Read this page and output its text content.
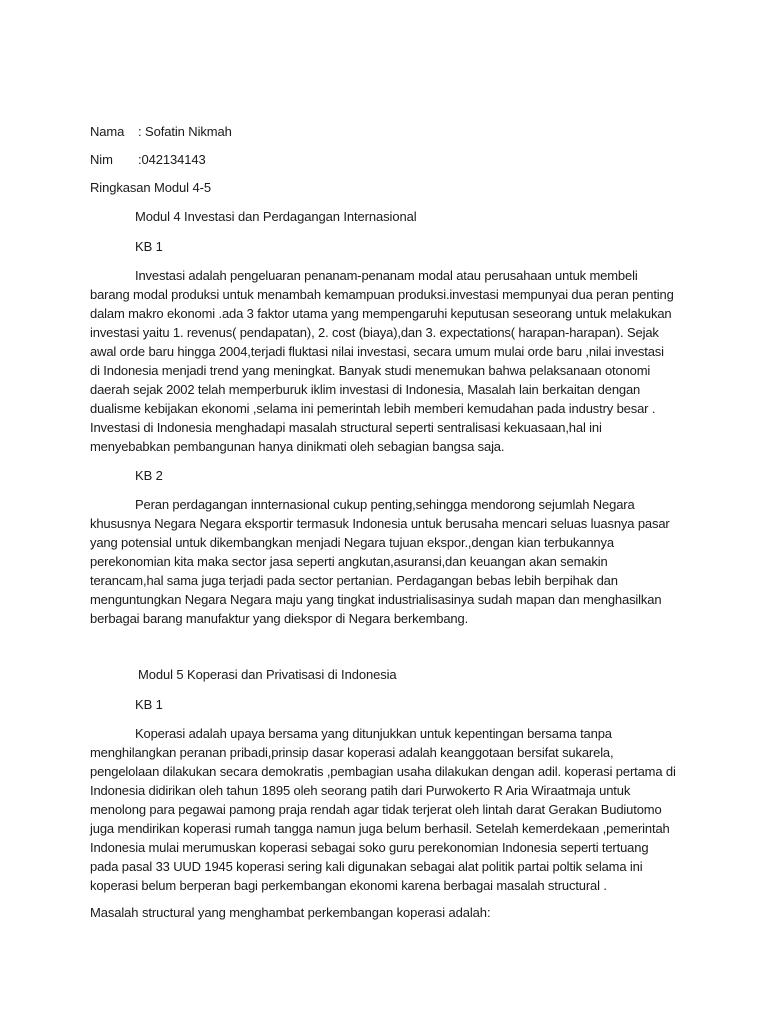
Nama : Sofatin Nikmah
Nim :042134143
Ringkasan Modul 4-5
Modul 4 Investasi dan Perdagangan Internasional
KB 1
Investasi adalah pengeluaran penanam-penanam modal atau perusahaan untuk membeli
barang modal produksi untuk menambah kemampuan produksi.investasi mempunyai dua peran penting
dalam makro ekonomi .ada 3 faktor utama yang mempengaruhi keputusan seseorang untuk melakukan
investasi yaitu 1. revenus( pendapatan), 2. cost (biaya),dan 3. expectations( harapan-harapan). Sejak
awal orde baru hingga 2004,terjadi fluktasi nilai investasi, secara umum mulai orde baru ,nilai investasi
di Indonesia menjadi trend yang meningkat. Banyak studi menemukan bahwa pelaksanaan otonomi
daerah sejak 2002 telah memperburuk iklim investasi di Indonesia, Masalah lain berkaitan dengan
dualisme kebijakan ekonomi ,selama ini pemerintah lebih memberi kemudahan pada industry besar .
Investasi di Indonesia menghadapi masalah structural seperti sentralisasi kekuasaan,hal ini
menyebabkan pembangunan hanya dinikmati oleh sebagian bangsa saja.
KB 2
Peran perdagangan innternasional cukup penting,sehingga mendorong sejumlah Negara
khususnya Negara Negara eksportir termasuk Indonesia untuk berusaha mencari seluas luasnya pasar
yang potensial untuk dikembangkan menjadi Negara tujuan ekspor.,dengan kian terbukannya
perekonomian kita maka sector jasa seperti angkutan,asuransi,dan keuangan akan semakin
terancam,hal sama juga terjadi pada sector pertanian. Perdagangan bebas lebih berpihak dan
menguntungkan Negara Negara maju yang tingkat industrialisasinya sudah mapan dan menghasilkan
berbagai barang manufaktur yang diekspor di Negara berkembang.
Modul 5 Koperasi dan Privatisasi di Indonesia
KB 1
Koperasi adalah upaya bersama yang ditunjukkan untuk kepentingan bersama tanpa
menghilangkan peranan pribadi,prinsip dasar koperasi adalah keanggotaan bersifat sukarela,
pengelolaan dilakukan secara demokratis ,pembagian usaha dilakukan dengan adil. koperasi pertama di
Indonesia didirikan oleh tahun 1895 oleh seorang patih dari Purwokerto R Aria Wiraatmaja untuk
menolong para pegawai pamong praja rendah agar tidak terjerat oleh lintah darat Gerakan Budiutomo
juga mendirikan koperasi rumah tangga namun juga belum berhasil. Setelah kemerdekaan ,pemerintah
Indonesia mulai merumuskan koperasi sebagai soko guru perekonomian Indonesia seperti tertuang
pada pasal 33 UUD 1945 koperasi sering kali digunakan sebagai alat politik partai poltik selama ini
koperasi belum berperan bagi perkembangan ekonomi karena berbagai masalah structural .
Masalah structural yang menghambat perkembangan koperasi adalah:
